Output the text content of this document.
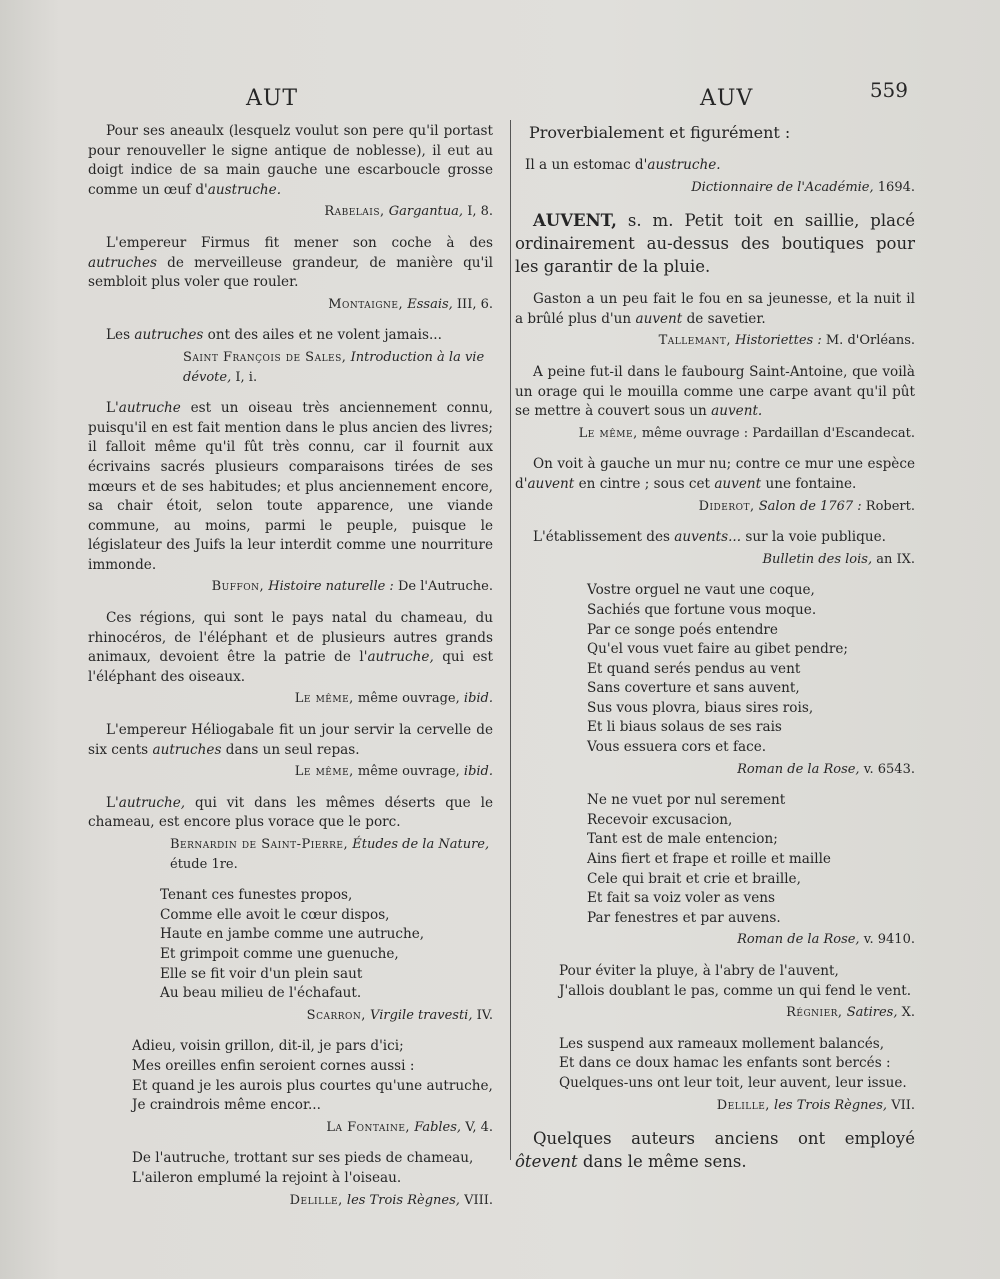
AUT	AUV	559

Pour ses aneaulx (lesquelz voulut son pere qu'il portast pour renouveller le signe antique de noblesse), il eut au doigt indice de sa main gauche une escarboucle grosse comme un œuf d'austruche.

Rabelais, Gargantua, I, 8.

L'empereur Firmus fit mener son coche à des autruches de merveilleuse grandeur, de manière qu'il sembloit plus voler que rouler.

Montaigne, Essais, III, 6.

Les autruches ont des ailes et ne volent jamais...

Saint François de Sales, Introduction à la vie dévote, I, i.

L'autruche est un oiseau très anciennement connu, puisqu'il en est fait mention dans le plus ancien des livres; il falloit même qu'il fût très connu, car il fournit aux écrivains sacrés plusieurs comparaisons tirées de ses mœurs et de ses habitudes; et plus anciennement encore, sa chair étoit, selon toute apparence, une viande commune, au moins, parmi le peuple, puisque le législateur des Juifs la leur interdit comme une nourriture immonde.

Buffon, Histoire naturelle : De l'Autruche.

Ces régions, qui sont le pays natal du chameau, du rhinocéros, de l'éléphant et de plusieurs autres grands animaux, devoient être la patrie de l'autruche, qui est l'éléphant des oiseaux.

Le même, même ouvrage, ibid.

L'empereur Héliogabale fit un jour servir la cervelle de six cents autruches dans un seul repas.

Le même, même ouvrage, ibid.

L'autruche, qui vit dans les mêmes déserts que le chameau, est encore plus vorace que le porc.

Bernardin de Saint-Pierre, Études de la Nature,
étude 1re.
Tenant ces funestes propos,
Comme elle avoit le cœur dispos,
Haute en jambe comme une autruche,
Et grimpoit comme une guenuche,
Elle se fit voir d'un plein saut
Au beau milieu de l'échafaut.
Scarron, Virgile travesti, IV.
Adieu, voisin grillon, dit-il, je pars d'ici;
Mes oreilles enfin seroient cornes aussi :
Et quand je les aurois plus courtes qu'une autruche,
Je craindrois même encor...
La Fontaine, Fables, V, 4.
De l'autruche, trottant sur ses pieds de chameau,
L'aileron emplumé la rejoint à l'oiseau.
Delille, les Trois Règnes, VIII.

Proverbialement et figurément :

Il a un estomac d'austruche.

Dictionnaire de l'Académie, 1694.

AUVENT, s. m. Petit toit en saillie, placé ordinairement au-dessus des boutiques pour les garantir de la pluie.

Gaston a un peu fait le fou en sa jeunesse, et la nuit il a brûlé plus d'un auvent de savetier.

Tallemant, Historiettes : M. d'Orléans.

A peine fut-il dans le faubourg Saint-Antoine, que voilà un orage qui le mouilla comme une carpe avant qu'il pût se mettre à couvert sous un auvent.

Le même, même ouvrage : Pardaillan d'Escandecat.

On voit à gauche un mur nu; contre ce mur une espèce d'auvent en cintre ; sous cet auvent une fontaine.

Diderot, Salon de 1767 : Robert.

L'établissement des auvents... sur la voie publique.

Bulletin des lois, an IX.
Vostre orguel ne vaut une coque,
Sachiés que fortune vous moque.
Par ce songe poés entendre
Qu'el vous vuet faire au gibet pendre;
Et quand serés pendus au vent
Sans coverture et sans auvent,
Sus vous plovra, biaus sires rois,
Et li biaus solaus de ses rais
Vous essuera cors et face.
Roman de la Rose, v. 6543.
Ne ne vuet por nul serement
Recevoir excusacion,
Tant est de male entencion;
Ains fiert et frape et roille et maille
Cele qui brait et crie et braille,
Et fait sa voiz voler as vens
Par fenestres et par auvens.
Roman de la Rose, v. 9410.
Pour éviter la pluye, à l'abry de l'auvent,
J'allois doublant le pas, comme un qui fend le vent.
Régnier, Satires, X.
Les suspend aux rameaux mollement balancés,
Et dans ce doux hamac les enfants sont bercés :
Quelques-uns ont leur toit, leur auvent, leur issue.
Delille, les Trois Règnes, VII.

Quelques auteurs anciens ont employé ôtevent dans le même sens.
